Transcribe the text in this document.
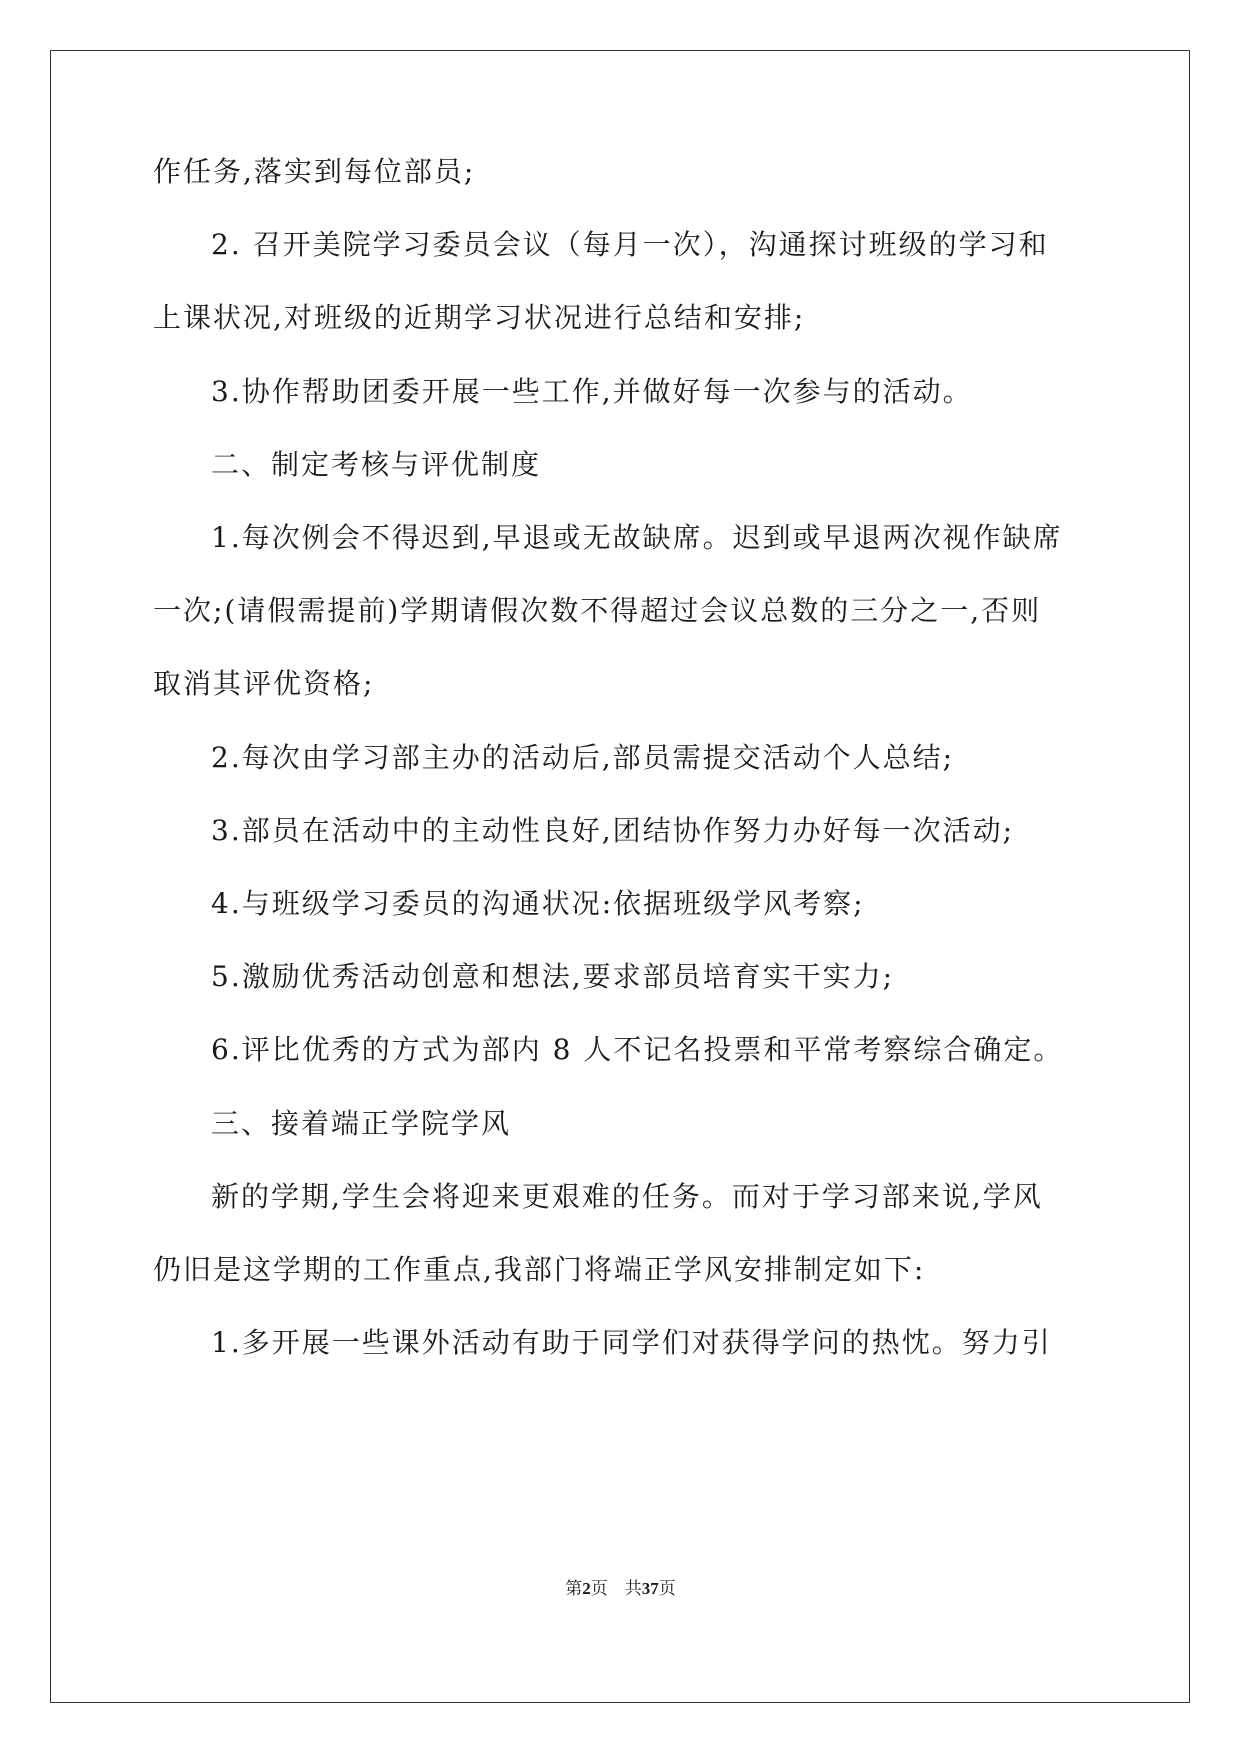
作任务,落实到每位部员;
2. 召开美院学习委员会议（每月一次），沟通探讨班级的学习和
上课状况,对班级的近期学习状况进行总结和安排;
3.协作帮助团委开展一些工作,并做好每一次参与的活动。
二、制定考核与评优制度
1.每次例会不得迟到,早退或无故缺席。迟到或早退两次视作缺席
一次;(请假需提前)学期请假次数不得超过会议总数的三分之一,否则
取消其评优资格;
2.每次由学习部主办的活动后,部员需提交活动个人总结;
3.部员在活动中的主动性良好,团结协作努力办好每一次活动;
4.与班级学习委员的沟通状况:依据班级学风考察;
5.激励优秀活动创意和想法,要求部员培育实干实力;
6.评比优秀的方式为部内 8 人不记名投票和平常考察综合确定。
三、接着端正学院学风
新的学期,学生会将迎来更艰难的任务。而对于学习部来说,学风
仍旧是这学期的工作重点,我部门将端正学风安排制定如下:
1.多开展一些课外活动有助于同学们对获得学问的热忱。努力引
第2页 共37页
